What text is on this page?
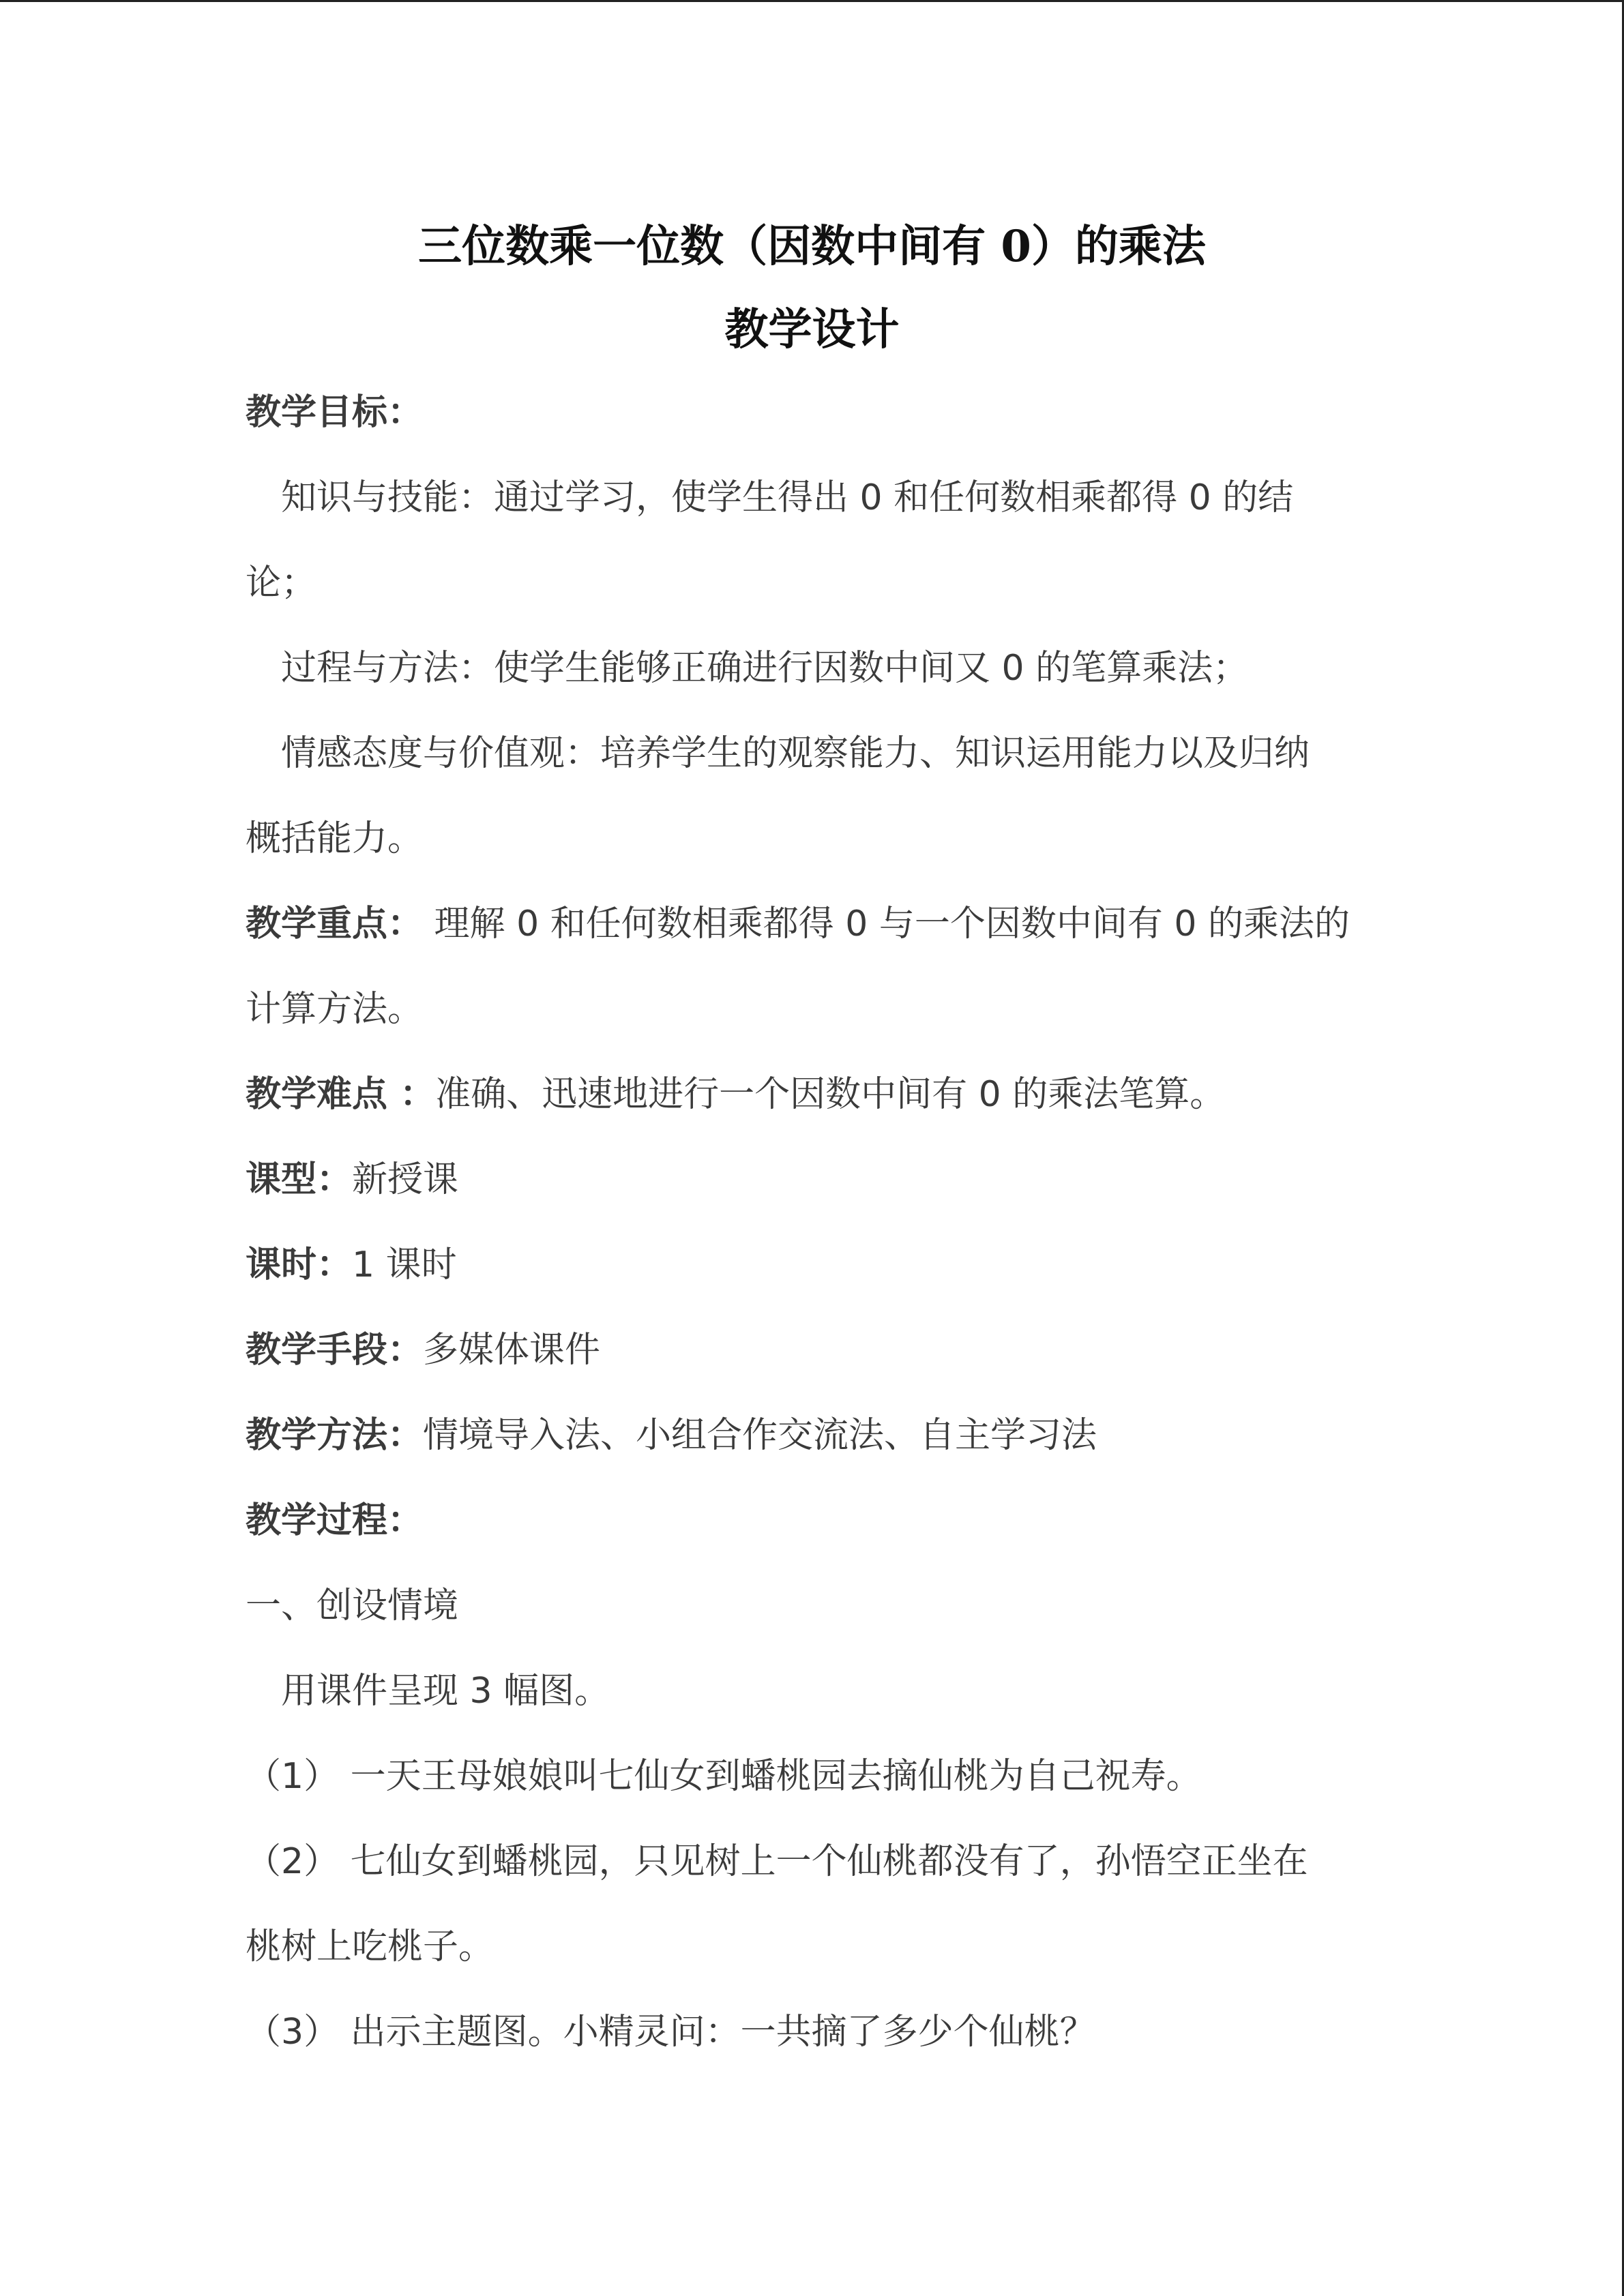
三位数乘一位数（因数中间有 0）的乘法
教学设计
教学目标：
知识与技能：通过学习，使学生得出 0 和任何数相乘都得 0 的结
论；
过程与方法：使学生能够正确进行因数中间又 0 的笔算乘法；
情感态度与价值观：培养学生的观察能力、知识运用能力以及归纳
概括能力。
教学重点： 理解 0 和任何数相乘都得 0 与一个因数中间有 0 的乘法的
计算方法。
教学难点 ：准确、迅速地进行一个因数中间有 0 的乘法笔算。
课型：新授课
课时：1 课时
教学手段：多媒体课件
教学方法：情境导入法、小组合作交流法、自主学习法
教学过程：
一、创设情境
用课件呈现 3 幅图。
（1） 一天王母娘娘叫七仙女到蟠桃园去摘仙桃为自己祝寿。
（2） 七仙女到蟠桃园，只见树上一个仙桃都没有了，孙悟空正坐在
桃树上吃桃子。
（3） 出示主题图。小精灵问：一共摘了多少个仙桃？
